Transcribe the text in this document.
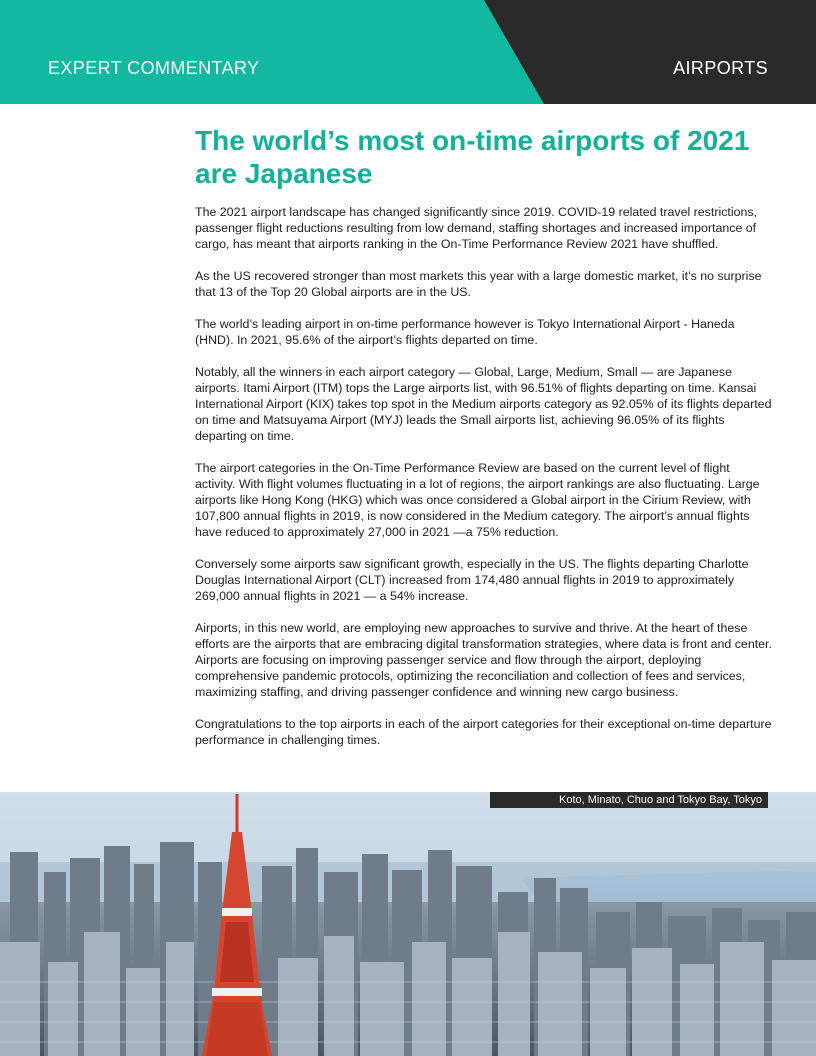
EXPERT COMMENTARY	AIRPORTS
The world’s most on-time airports of 2021 are Japanese

The 2021 airport landscape has changed significantly since 2019. COVID-19 related travel restrictions, passenger flight reductions resulting from low demand, staffing shortages and increased importance of cargo, has meant that airports ranking in the On-Time Performance Review 2021 have shuffled.

As the US recovered stronger than most markets this year with a large domestic market, it’s no surprise that 13 of the Top 20 Global airports are in the US.

The world’s leading airport in on-time performance however is Tokyo International Airport - Haneda (HND). In 2021, 95.6% of the airport’s flights departed on time.

Notably, all the winners in each airport category — Global, Large, Medium, Small — are Japanese airports. Itami Airport (ITM) tops the Large airports list, with 96.51% of flights departing on time. Kansai International Airport (KIX) takes top spot in the Medium airports category as 92.05% of its flights departed on time and Matsuyama Airport (MYJ) leads the Small airports list, achieving 96.05% of its flights departing on time.

The airport categories in the On-Time Performance Review are based on the current level of flight activity. With flight volumes fluctuating in a lot of regions, the airport rankings are also fluctuating. Large airports like Hong Kong (HKG) which was once considered a Global airport in the Cirium Review, with 107,800 annual flights in 2019, is now considered in the Medium category. The airport’s annual flights have reduced to approximately 27,000 in 2021 —a 75% reduction.

Conversely some airports saw significant growth, especially in the US. The flights departing Charlotte Douglas International Airport (CLT) increased from 174,480 annual flights in 2019 to approximately 269,000 annual flights in 2021 — a 54% increase.

Airports, in this new world, are employing new approaches to survive and thrive. At the heart of these efforts are the airports that are embracing digital transformation strategies, where data is front and center. Airports are focusing on improving passenger service and flow through the airport, deploying comprehensive pandemic protocols, optimizing the reconciliation and collection of fees and services, maximizing staffing, and driving passenger confidence and winning new cargo business.

Congratulations to the top airports in each of the airport categories for their exceptional on-time departure performance in challenging times.

Koto, Minato, Chuo and Tokyo Bay, Tokyo
